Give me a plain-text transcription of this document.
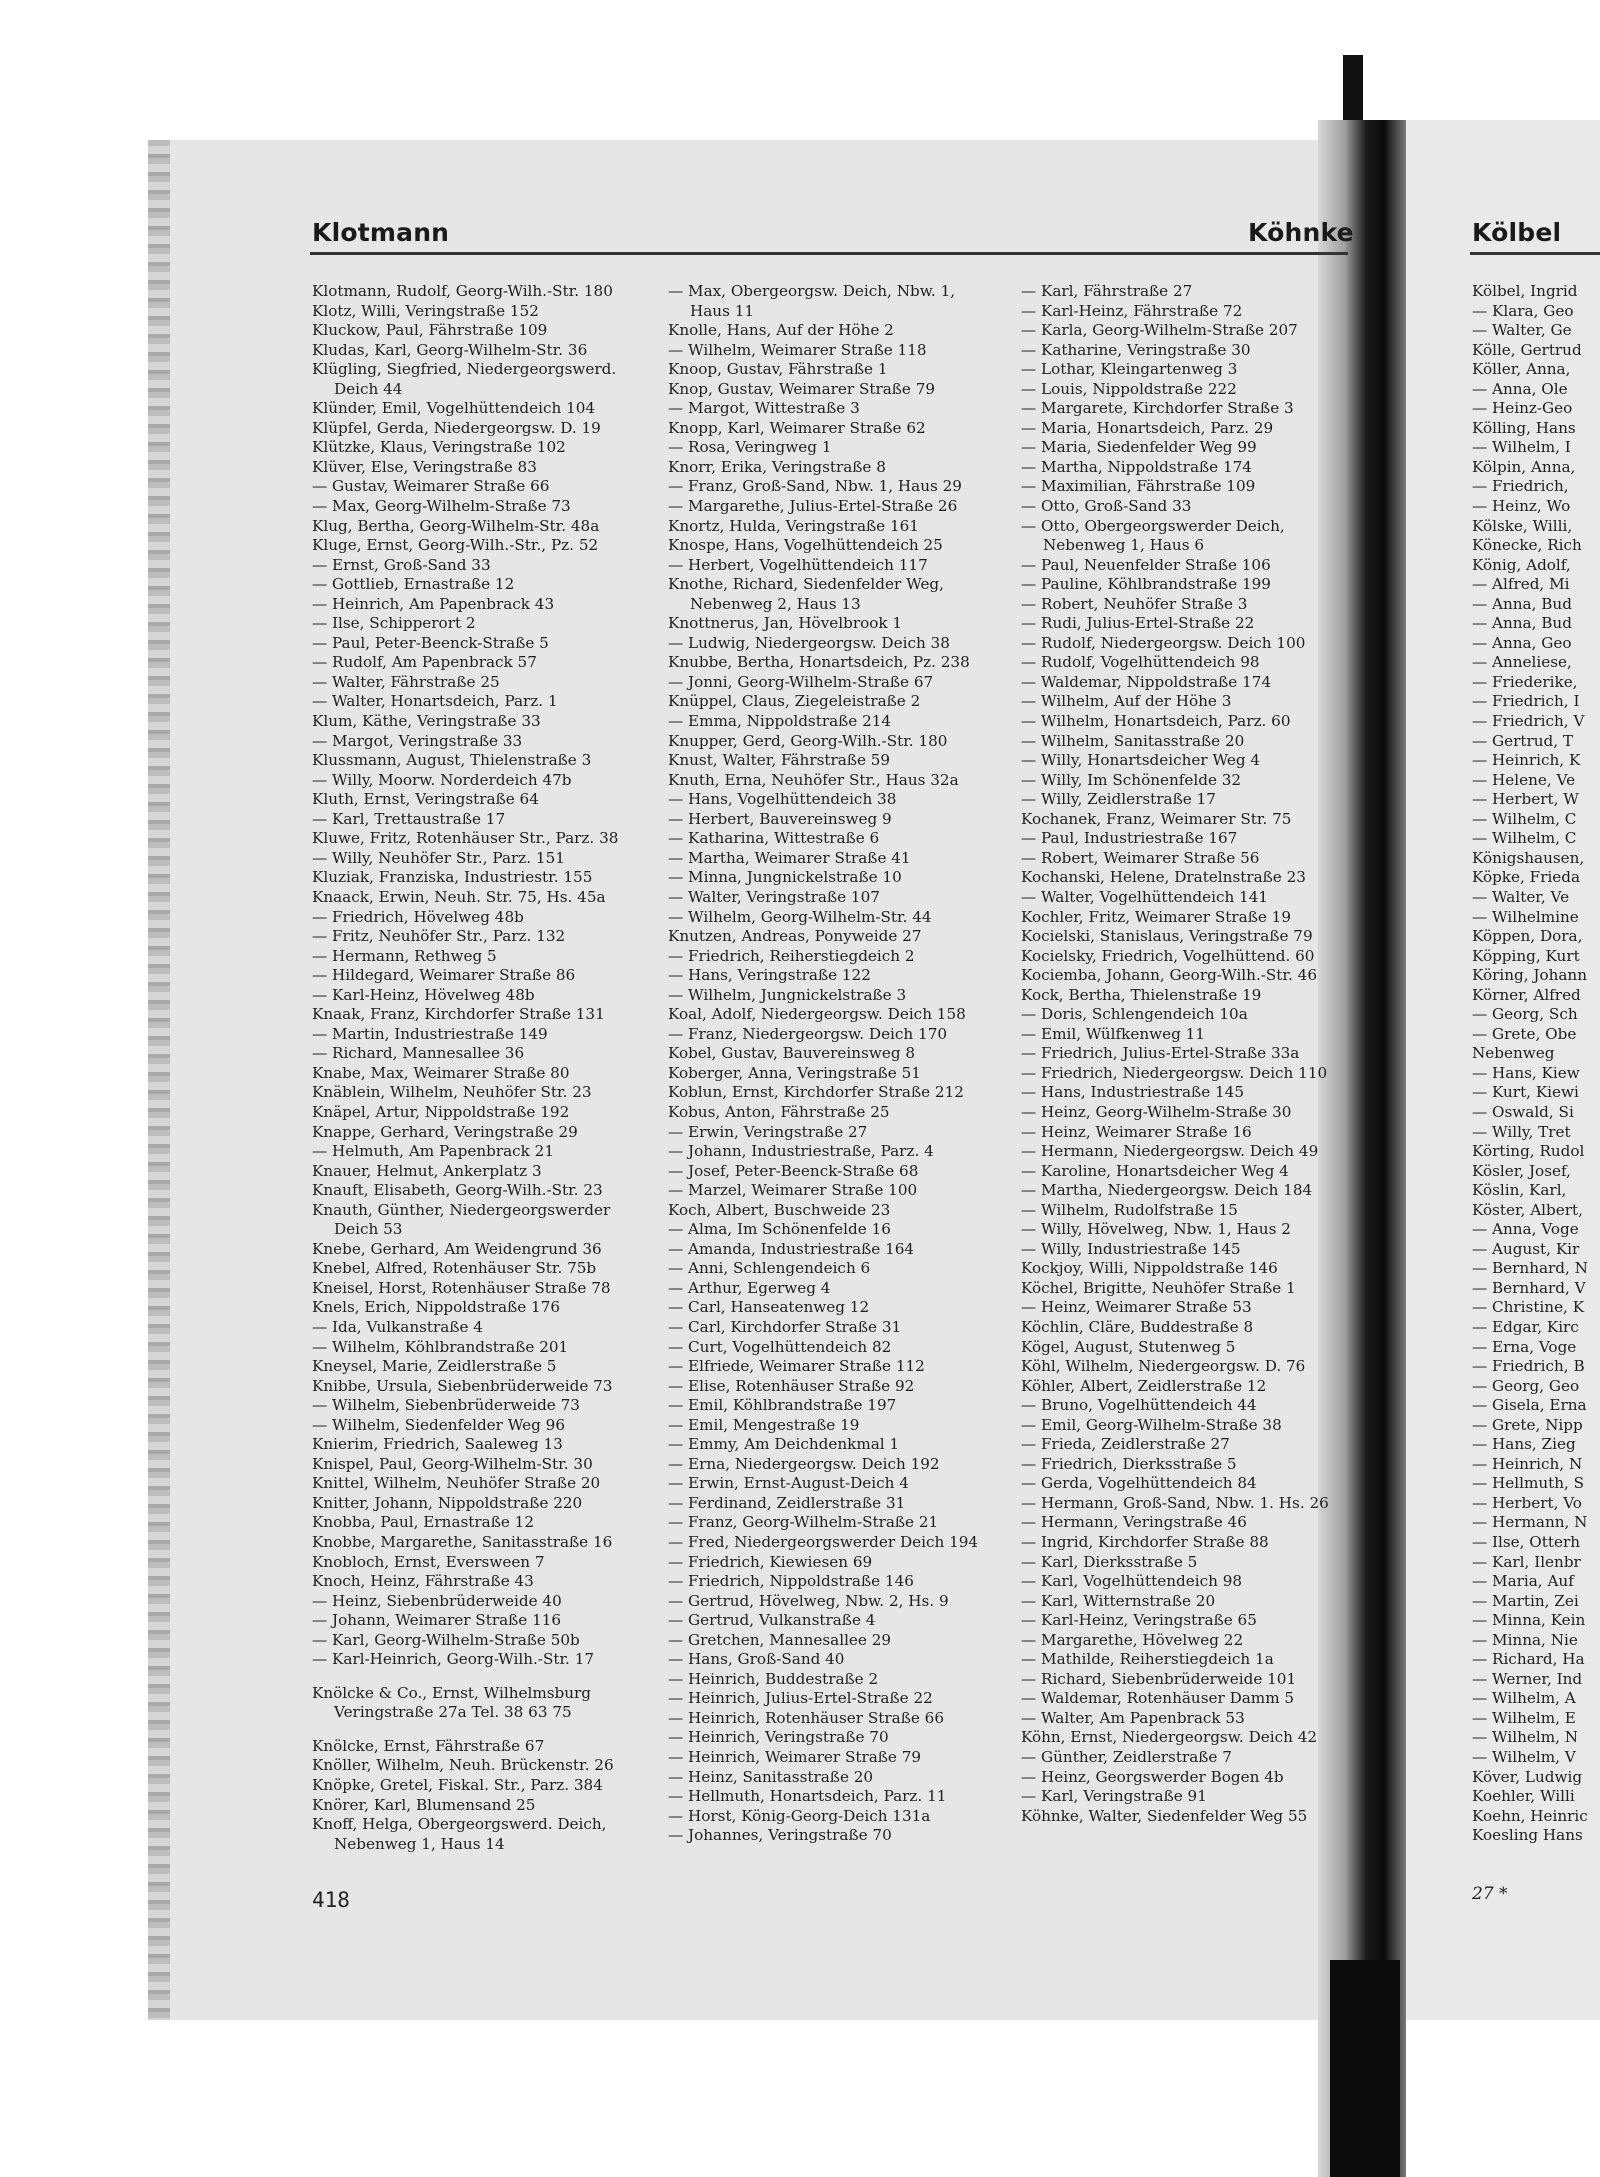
Klotmann	Köhnke	Kölbel
Klotmann, Rudolf, Georg-Wilh.-Str. 180
Klotz, Willi, Veringstraße 152
Kluckow, Paul, Fährstraße 109
Kludas, Karl, Georg-Wilhelm-Str. 36
Klügling, Siegfried, Niedergeorgswerd.
Deich 44
Klünder, Emil, Vogelhüttendeich 104
Klüpfel, Gerda, Niedergeorgsw. D. 19
Klützke, Klaus, Veringstraße 102
Klüver, Else, Veringstraße 83
— Gustav, Weimarer Straße 66
— Max, Georg-Wilhelm-Straße 73
Klug, Bertha, Georg-Wilhelm-Str. 48a
Kluge, Ernst, Georg-Wilh.-Str., Pz. 52
— Ernst, Groß-Sand 33
— Gottlieb, Ernastraße 12
— Heinrich, Am Papenbrack 43
— Ilse, Schipperort 2
— Paul, Peter-Beenck-Straße 5
— Rudolf, Am Papenbrack 57
— Walter, Fährstraße 25
— Walter, Honartsdeich, Parz. 1
Klum, Käthe, Veringstraße 33
— Margot, Veringstraße 33
Klussmann, August, Thielenstraße 3
— Willy, Moorw. Norderdeich 47b
Kluth, Ernst, Veringstraße 64
— Karl, Trettaustraße 17
Kluwe, Fritz, Rotenhäuser Str., Parz. 38
— Willy, Neuhöfer Str., Parz. 151
Kluziak, Franziska, Industriestr. 155
Knaack, Erwin, Neuh. Str. 75, Hs. 45a
— Friedrich, Hövelweg 48b
— Fritz, Neuhöfer Str., Parz. 132
— Hermann, Rethweg 5
— Hildegard, Weimarer Straße 86
— Karl-Heinz, Hövelweg 48b
Knaak, Franz, Kirchdorfer Straße 131
— Martin, Industriestraße 149
— Richard, Mannesallee 36
Knabe, Max, Weimarer Straße 80
Knäblein, Wilhelm, Neuhöfer Str. 23
Knäpel, Artur, Nippoldstraße 192
Knappe, Gerhard, Veringstraße 29
— Helmuth, Am Papenbrack 21
Knauer, Helmut, Ankerplatz 3
Knauft, Elisabeth, Georg-Wilh.-Str. 23
Knauth, Günther, Niedergeorgswerder
Deich 53
Knebe, Gerhard, Am Weidengrund 36
Knebel, Alfred, Rotenhäuser Str. 75b
Kneisel, Horst, Rotenhäuser Straße 78
Knels, Erich, Nippoldstraße 176
— Ida, Vulkanstraße 4
— Wilhelm, Köhlbrandstraße 201
Kneysel, Marie, Zeidlerstraße 5
Knibbe, Ursula, Siebenbrüderweide 73
— Wilhelm, Siebenbrüderweide 73
— Wilhelm, Siedenfelder Weg 96
Knierim, Friedrich, Saaleweg 13
Knispel, Paul, Georg-Wilhelm-Str. 30
Knittel, Wilhelm, Neuhöfer Straße 20
Knitter, Johann, Nippoldstraße 220
Knobba, Paul, Ernastraße 12
Knobbe, Margarethe, Sanitasstraße 16
Knobloch, Ernst, Eversween 7
Knoch, Heinz, Fährstraße 43
— Heinz, Siebenbrüderweide 40
— Johann, Weimarer Straße 116
— Karl, Georg-Wilhelm-Straße 50b
— Karl-Heinrich, Georg-Wilh.-Str. 17
Knölcke & Co., Ernst, Wilhelmsburg
Veringstraße 27a Tel. 38 63 75
Knölcke, Ernst, Fährstraße 67
Knöller, Wilhelm, Neuh. Brückenstr. 26
Knöpke, Gretel, Fiskal. Str., Parz. 384
Knörer, Karl, Blumensand 25
Knoff, Helga, Obergeorgswerd. Deich,
Nebenweg 1, Haus 14
— Max, Obergeorgsw. Deich, Nbw. 1,
Haus 11
Knolle, Hans, Auf der Höhe 2
— Wilhelm, Weimarer Straße 118
Knoop, Gustav, Fährstraße 1
Knop, Gustav, Weimarer Straße 79
— Margot, Wittestraße 3
Knopp, Karl, Weimarer Straße 62
— Rosa, Veringweg 1
Knorr, Erika, Veringstraße 8
— Franz, Groß-Sand, Nbw. 1, Haus 29
— Margarethe, Julius-Ertel-Straße 26
Knortz, Hulda, Veringstraße 161
Knospe, Hans, Vogelhüttendeich 25
— Herbert, Vogelhüttendeich 117
Knothe, Richard, Siedenfelder Weg,
Nebenweg 2, Haus 13
Knottnerus, Jan, Hövelbrook 1
— Ludwig, Niedergeorgsw. Deich 38
Knubbe, Bertha, Honartsdeich, Pz. 238
— Jonni, Georg-Wilhelm-Straße 67
Knüppel, Claus, Ziegeleistraße 2
— Emma, Nippoldstraße 214
Knupper, Gerd, Georg-Wilh.-Str. 180
Knust, Walter, Fährstraße 59
Knuth, Erna, Neuhöfer Str., Haus 32a
— Hans, Vogelhüttendeich 38
— Herbert, Bauvereinsweg 9
— Katharina, Wittestraße 6
— Martha, Weimarer Straße 41
— Minna, Jungnickelstraße 10
— Walter, Veringstraße 107
— Wilhelm, Georg-Wilhelm-Str. 44
Knutzen, Andreas, Ponyweide 27
— Friedrich, Reiherstiegdeich 2
— Hans, Veringstraße 122
— Wilhelm, Jungnickelstraße 3
Koal, Adolf, Niedergeorgsw. Deich 158
— Franz, Niedergeorgsw. Deich 170
Kobel, Gustav, Bauvereinsweg 8
Koberger, Anna, Veringstraße 51
Koblun, Ernst, Kirchdorfer Straße 212
Kobus, Anton, Fährstraße 25
— Erwin, Veringstraße 27
— Johann, Industriestraße, Parz. 4
— Josef, Peter-Beenck-Straße 68
— Marzel, Weimarer Straße 100
Koch, Albert, Buschweide 23
— Alma, Im Schönenfelde 16
— Amanda, Industriestraße 164
— Anni, Schlengendeich 6
— Arthur, Egerweg 4
— Carl, Hanseatenweg 12
— Carl, Kirchdorfer Straße 31
— Curt, Vogelhüttendeich 82
— Elfriede, Weimarer Straße 112
— Elise, Rotenhäuser Straße 92
— Emil, Köhlbrandstraße 197
— Emil, Mengestraße 19
— Emmy, Am Deichdenkmal 1
— Erna, Niedergeorgsw. Deich 192
— Erwin, Ernst-August-Deich 4
— Ferdinand, Zeidlerstraße 31
— Franz, Georg-Wilhelm-Straße 21
— Fred, Niedergeorgswerder Deich 194
— Friedrich, Kiewiesen 69
— Friedrich, Nippoldstraße 146
— Gertrud, Hövelweg, Nbw. 2, Hs. 9
— Gertrud, Vulkanstraße 4
— Gretchen, Mannesallee 29
— Hans, Groß-Sand 40
— Heinrich, Buddestraße 2
— Heinrich, Julius-Ertel-Straße 22
— Heinrich, Rotenhäuser Straße 66
— Heinrich, Veringstraße 70
— Heinrich, Weimarer Straße 79
— Heinz, Sanitasstraße 20
— Hellmuth, Honartsdeich, Parz. 11
— Horst, König-Georg-Deich 131a
— Johannes, Veringstraße 70
— Karl, Fährstraße 27
— Karl-Heinz, Fährstraße 72
— Karla, Georg-Wilhelm-Straße 207
— Katharine, Veringstraße 30
— Lothar, Kleingartenweg 3
— Louis, Nippoldstraße 222
— Margarete, Kirchdorfer Straße 3
— Maria, Honartsdeich, Parz. 29
— Maria, Siedenfelder Weg 99
— Martha, Nippoldstraße 174
— Maximilian, Fährstraße 109
— Otto, Groß-Sand 33
— Otto, Obergeorgswerder Deich,
Nebenweg 1, Haus 6
— Paul, Neuenfelder Straße 106
— Pauline, Köhlbrandstraße 199
— Robert, Neuhöfer Straße 3
— Rudi, Julius-Ertel-Straße 22
— Rudolf, Niedergeorgsw. Deich 100
— Rudolf, Vogelhüttendeich 98
— Waldemar, Nippoldstraße 174
— Wilhelm, Auf der Höhe 3
— Wilhelm, Honartsdeich, Parz. 60
— Wilhelm, Sanitasstraße 20
— Willy, Honartsdeicher Weg 4
— Willy, Im Schönenfelde 32
— Willy, Zeidlerstraße 17
Kochanek, Franz, Weimarer Str. 75
— Paul, Industriestraße 167
— Robert, Weimarer Straße 56
Kochanski, Helene, Dratelnstraße 23
— Walter, Vogelhüttendeich 141
Kochler, Fritz, Weimarer Straße 19
Kocielski, Stanislaus, Veringstraße 79
Kocielsky, Friedrich, Vogelhüttend. 60
Kociemba, Johann, Georg-Wilh.-Str. 46
Kock, Bertha, Thielenstraße 19
— Doris, Schlengendeich 10a
— Emil, Wülfkenweg 11
— Friedrich, Julius-Ertel-Straße 33a
— Friedrich, Niedergeorgsw. Deich 110
— Hans, Industriestraße 145
— Heinz, Georg-Wilhelm-Straße 30
— Heinz, Weimarer Straße 16
— Hermann, Niedergeorgsw. Deich 49
— Karoline, Honartsdeicher Weg 4
— Martha, Niedergeorgsw. Deich 184
— Wilhelm, Rudolfstraße 15
— Willy, Hövelweg, Nbw. 1, Haus 2
— Willy, Industriestraße 145
Kockjoy, Willi, Nippoldstraße 146
Köchel, Brigitte, Neuhöfer Straße 1
— Heinz, Weimarer Straße 53
Köchlin, Cläre, Buddestraße 8
Kögel, August, Stutenweg 5
Köhl, Wilhelm, Niedergeorgsw. D. 76
Köhler, Albert, Zeidlerstraße 12
— Bruno, Vogelhüttendeich 44
— Emil, Georg-Wilhelm-Straße 38
— Frieda, Zeidlerstraße 27
— Friedrich, Dierksstraße 5
— Gerda, Vogelhüttendeich 84
— Hermann, Groß-Sand, Nbw. 1. Hs. 26
— Hermann, Veringstraße 46
— Ingrid, Kirchdorfer Straße 88
— Karl, Dierksstraße 5
— Karl, Vogelhüttendeich 98
— Karl, Witternstraße 20
— Karl-Heinz, Veringstraße 65
— Margarethe, Hövelweg 22
— Mathilde, Reiherstiegdeich 1a
— Richard, Siebenbrüderweide 101
— Waldemar, Rotenhäuser Damm 5
— Walter, Am Papenbrack 53
Köhn, Ernst, Niedergeorgsw. Deich 42
— Günther, Zeidlerstraße 7
— Heinz, Georgswerder Bogen 4b
— Karl, Veringstraße 91
Köhnke, Walter, Siedenfelder Weg 55
Kölbel, Ingrid
— Klara, Geo
— Walter, Ge
Kölle, Gertrud
Köller, Anna,
— Anna, Ole
— Heinz-Geo
Kölling, Hans
— Wilhelm, I
Kölpin, Anna,
— Friedrich,
— Heinz, Wo
Kölske, Willi,
Könecke, Rich
König, Adolf,
— Alfred, Mi
— Anna, Bud
— Anna, Bud
— Anna, Geo
— Anneliese,
— Friederike,
— Friedrich, I
— Friedrich, V
— Gertrud, T
— Heinrich, K
— Helene, Ve
— Herbert, W
— Wilhelm, C
— Wilhelm, C
Königshausen,
Köpke, Frieda
— Walter, Ve
— Wilhelmine
Köppen, Dora,
Köpping, Kurt
Köring, Johann
Körner, Alfred
— Georg, Sch
— Grete, Obe
Nebenweg
— Hans, Kiew
— Kurt, Kiewi
— Oswald, Si
— Willy, Tret
Körting, Rudol
Kösler, Josef,
Köslin, Karl,
Köster, Albert,
— Anna, Voge
— August, Kir
— Bernhard, N
— Bernhard, V
— Christine, K
— Edgar, Kirc
— Erna, Voge
— Friedrich, B
— Georg, Geo
— Gisela, Erna
— Grete, Nipp
— Hans, Zieg
— Heinrich, N
— Hellmuth, S
— Herbert, Vo
— Hermann, N
— Ilse, Otterh
— Karl, Ilenbr
— Maria, Auf
— Martin, Zei
— Minna, Kein
— Minna, Nie
— Richard, Ha
— Werner, Ind
— Wilhelm, A
— Wilhelm, E
— Wilhelm, N
— Wilhelm, V
Köver, Ludwig
Koehler, Willi
Koehn, Heinric
Koesling Hans
418	27 *
